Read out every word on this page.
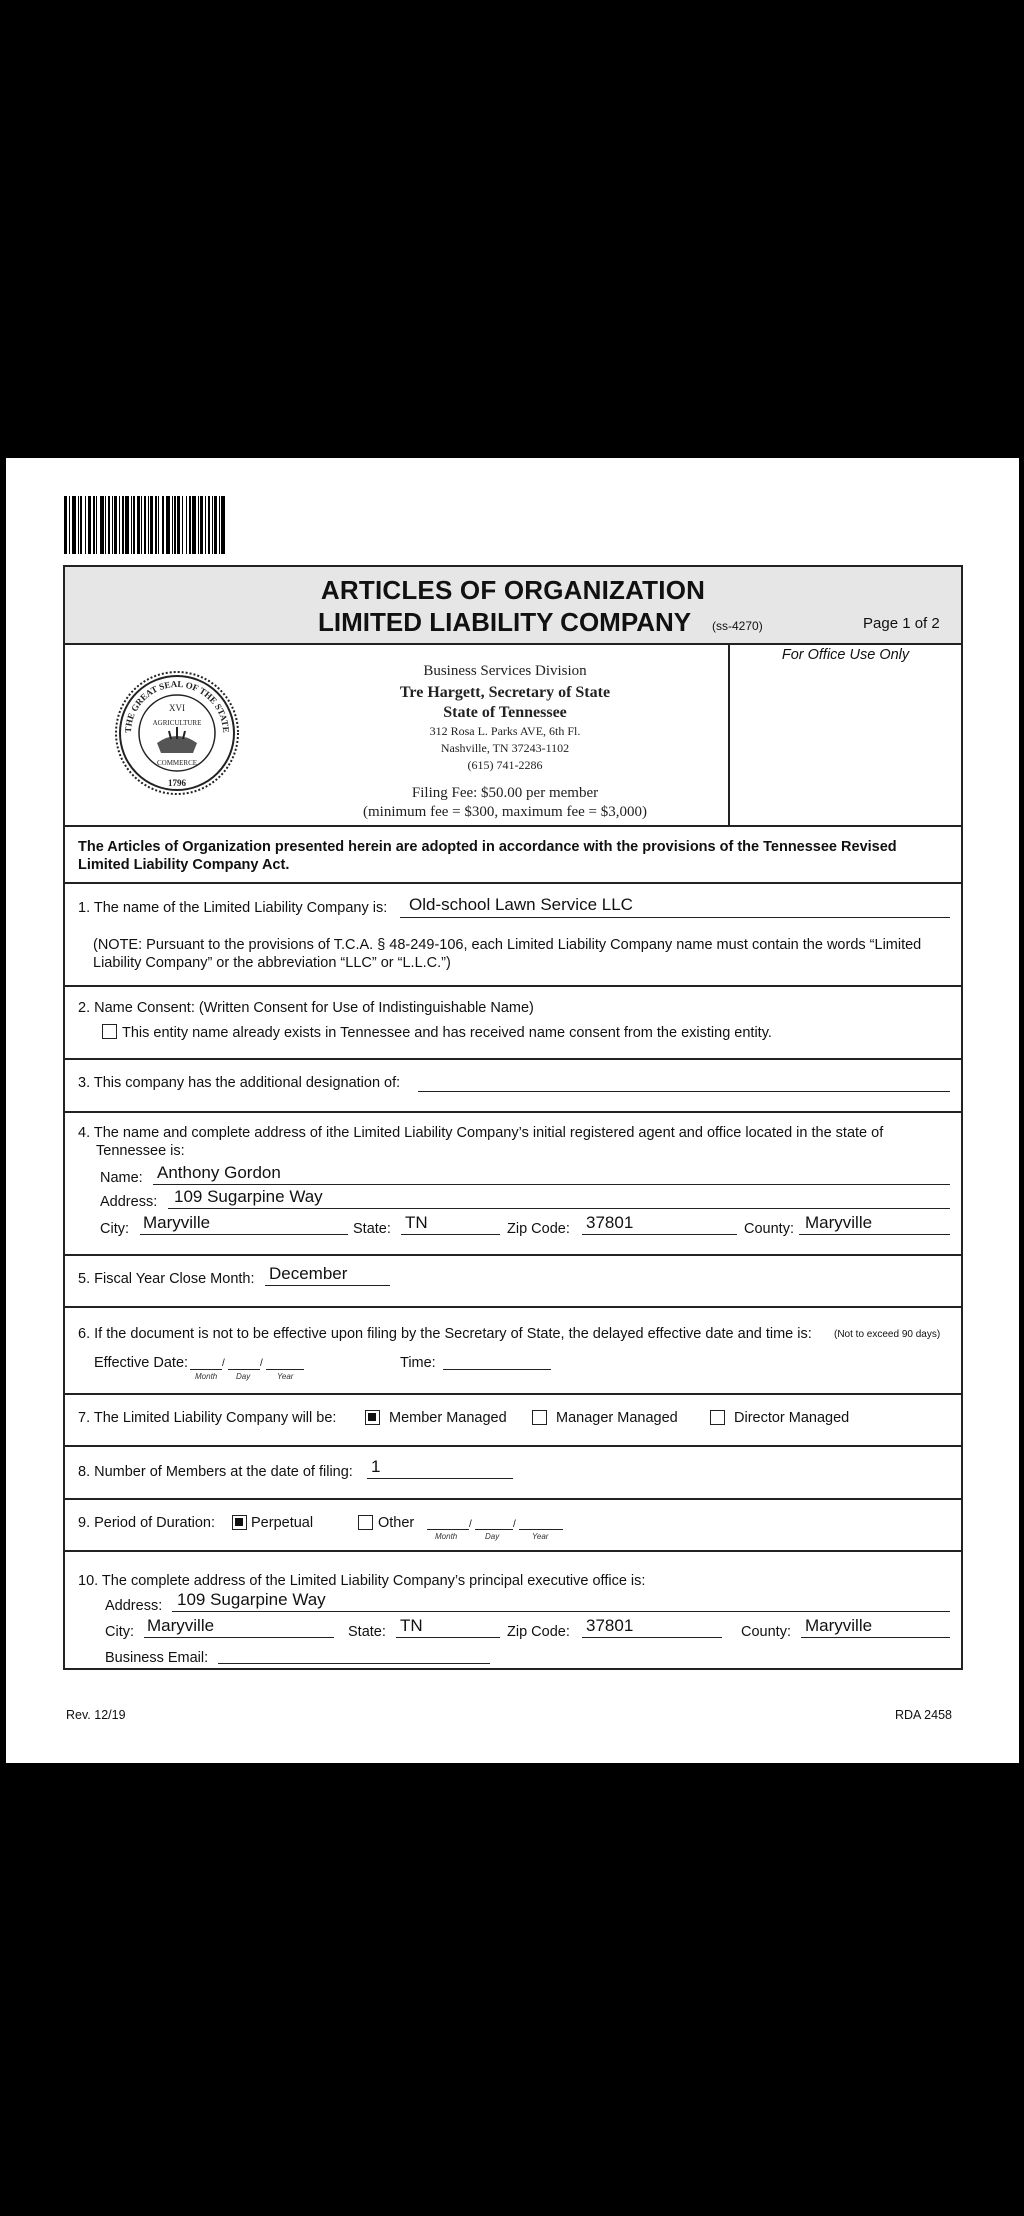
ARTICLES OF ORGANIZATION
LIMITED LIABILITY COMPANY (ss-4270)	Page 1 of 2
THE GREAT SEAL OF THE STATE
XVI
AGRICULTURE
COMMERCE
1796
Business Services Division
Tre Hargett, Secretary of State
State of Tennessee
312 Rosa L. Parks AVE, 6th Fl.
Nashville, TN 37243-1102
(615) 741-2286
Filing Fee: $50.00 per member
(minimum fee = $300, maximum fee = $3,000)
For Office Use Only
The Articles of Organization presented herein are adopted in accordance with the provisions of the Tennessee Revised Limited Liability Company Act.
1. The name of the Limited Liability Company is: Old-school Lawn Service LLC
(NOTE: Pursuant to the provisions of T.C.A. § 48-249-106, each Limited Liability Company name must contain the words “Limited
Liability Company” or the abbreviation “LLC” or “L.L.C.”)
2. Name Consent: (Written Consent for Use of Indistinguishable Name)
This entity name already exists in Tennessee and has received name consent from the existing entity.
3. This company has the additional designation of:
4. The name and complete address of ithe Limited Liability Company’s initial registered agent and office located in the state of
Tennessee is:
Name: Anthony Gordon
Address: 109 Sugarpine Way
City: Maryville	State: TN	Zip Code: 37801	County: Maryville
5. Fiscal Year Close Month: December
6. If the document is not to be effective upon filing by the Secretary of State, the delayed effective date and time is: (Not to exceed 90 days)
Effective Date:	/	/
Month Day	Year
Time:
7. The Limited Liability Company will be:	Member Managed	Manager Managed	Director Managed
8. Number of Members at the date of filing: 1
9. Period of Duration: Perpetual	Other	/	/
Month	Day	Year
10. The complete address of the Limited Liability Company’s principal executive office is:
Address: 109 Sugarpine Way
City: Maryville	State: TN	Zip Code: 37801	County: Maryville
Business Email:
Rev. 12/19	RDA 2458
